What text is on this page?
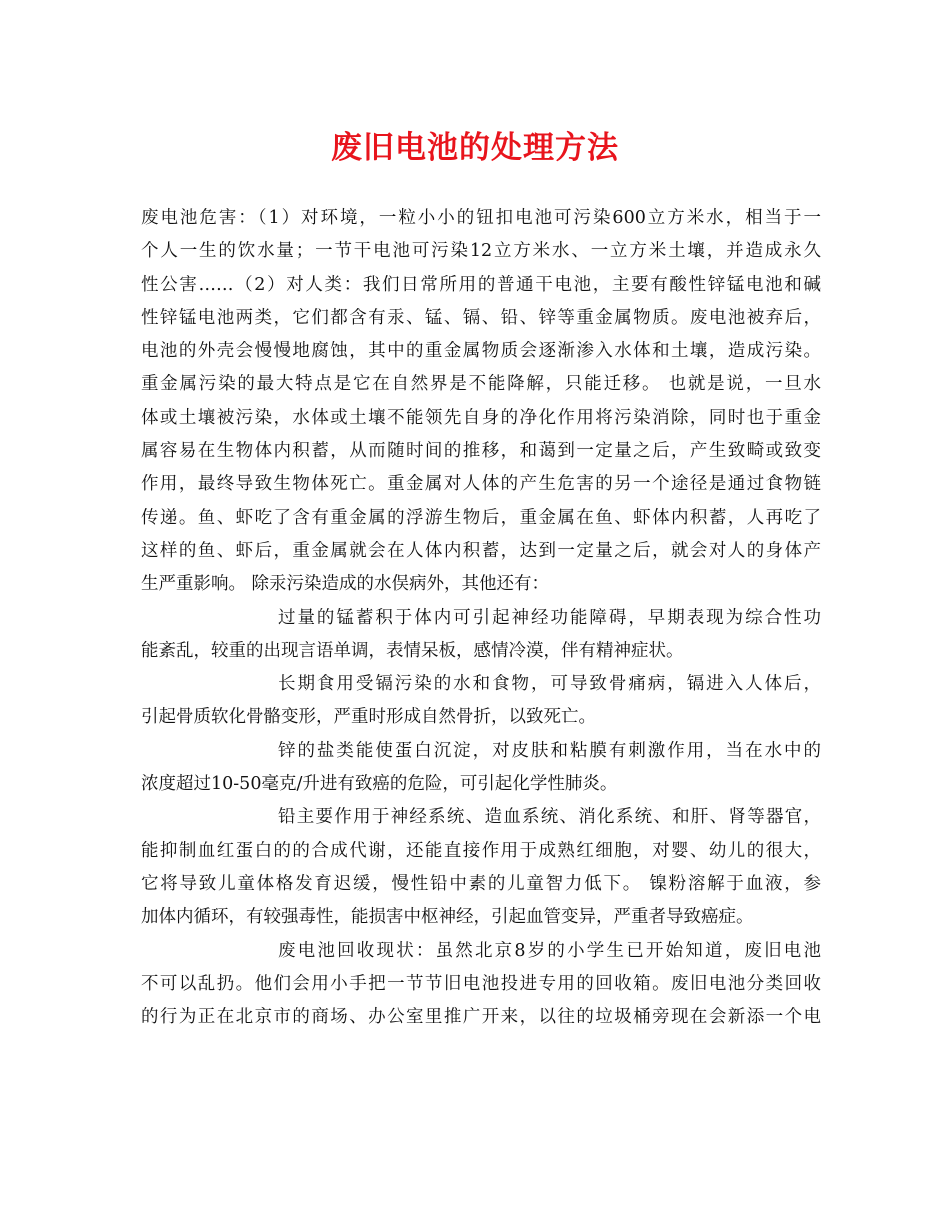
废旧电池的处理方法
废电池危害：（1）对环境，一粒小小的钮扣电池可污染600立方米水，相当于一
个人一生的饮水量；一节干电池可污染12立方米水、一立方米土壤，并造成永久
性公害……（2）对人类：我们日常所用的普通干电池，主要有酸性锌锰电池和碱
性锌锰电池两类，它们都含有汞、锰、镉、铅、锌等重金属物质。废电池被弃后，
电池的外壳会慢慢地腐蚀，其中的重金属物质会逐渐渗入水体和土壤，造成污染。
重金属污染的最大特点是它在自然界是不能降解，只能迁移。 也就是说，一旦水
体或土壤被污染，水体或土壤不能领先自身的净化作用将污染消除，同时也于重金
属容易在生物体内积蓄，从而随时间的推移，和蔼到一定量之后，产生致畸或致变
作用，最终导致生物体死亡。重金属对人体的产生危害的另一个途径是通过食物链
传递。鱼、虾吃了含有重金属的浮游生物后，重金属在鱼、虾体内积蓄，人再吃了
这样的鱼、虾后，重金属就会在人体内积蓄，达到一定量之后，就会对人的身体产
生严重影响。 除汞污染造成的水俣病外，其他还有：
过量的锰蓄积于体内可引起神经功能障碍，早期表现为综合性功
能紊乱，较重的出现言语单调，表情呆板，感情冷漠，伴有精神症状。
长期食用受镉污染的水和食物，可导致骨痛病，镉进入人体后，
引起骨质软化骨骼变形，严重时形成自然骨折，以致死亡。
锌的盐类能使蛋白沉淀，对皮肤和粘膜有刺激作用，当在水中的
浓度超过10-50毫克/升进有致癌的危险，可引起化学性肺炎。
铅主要作用于神经系统、造血系统、消化系统、和肝、肾等器官，
能抑制血红蛋白的的合成代谢，还能直接作用于成熟红细胞，对婴、幼儿的很大，
它将导致儿童体格发育迟缓，慢性铅中素的儿童智力低下。 镍粉溶解于血液，参
加体内循环，有较强毒性，能损害中枢神经，引起血管变异，严重者导致癌症。
废电池回收现状：虽然北京8岁的小学生已开始知道，废旧电池
不可以乱扔。他们会用小手把一节节旧电池投进专用的回收箱。废旧电池分类回收
的行为正在北京市的商场、办公室里推广开来，以往的垃圾桶旁现在会新添一个电
